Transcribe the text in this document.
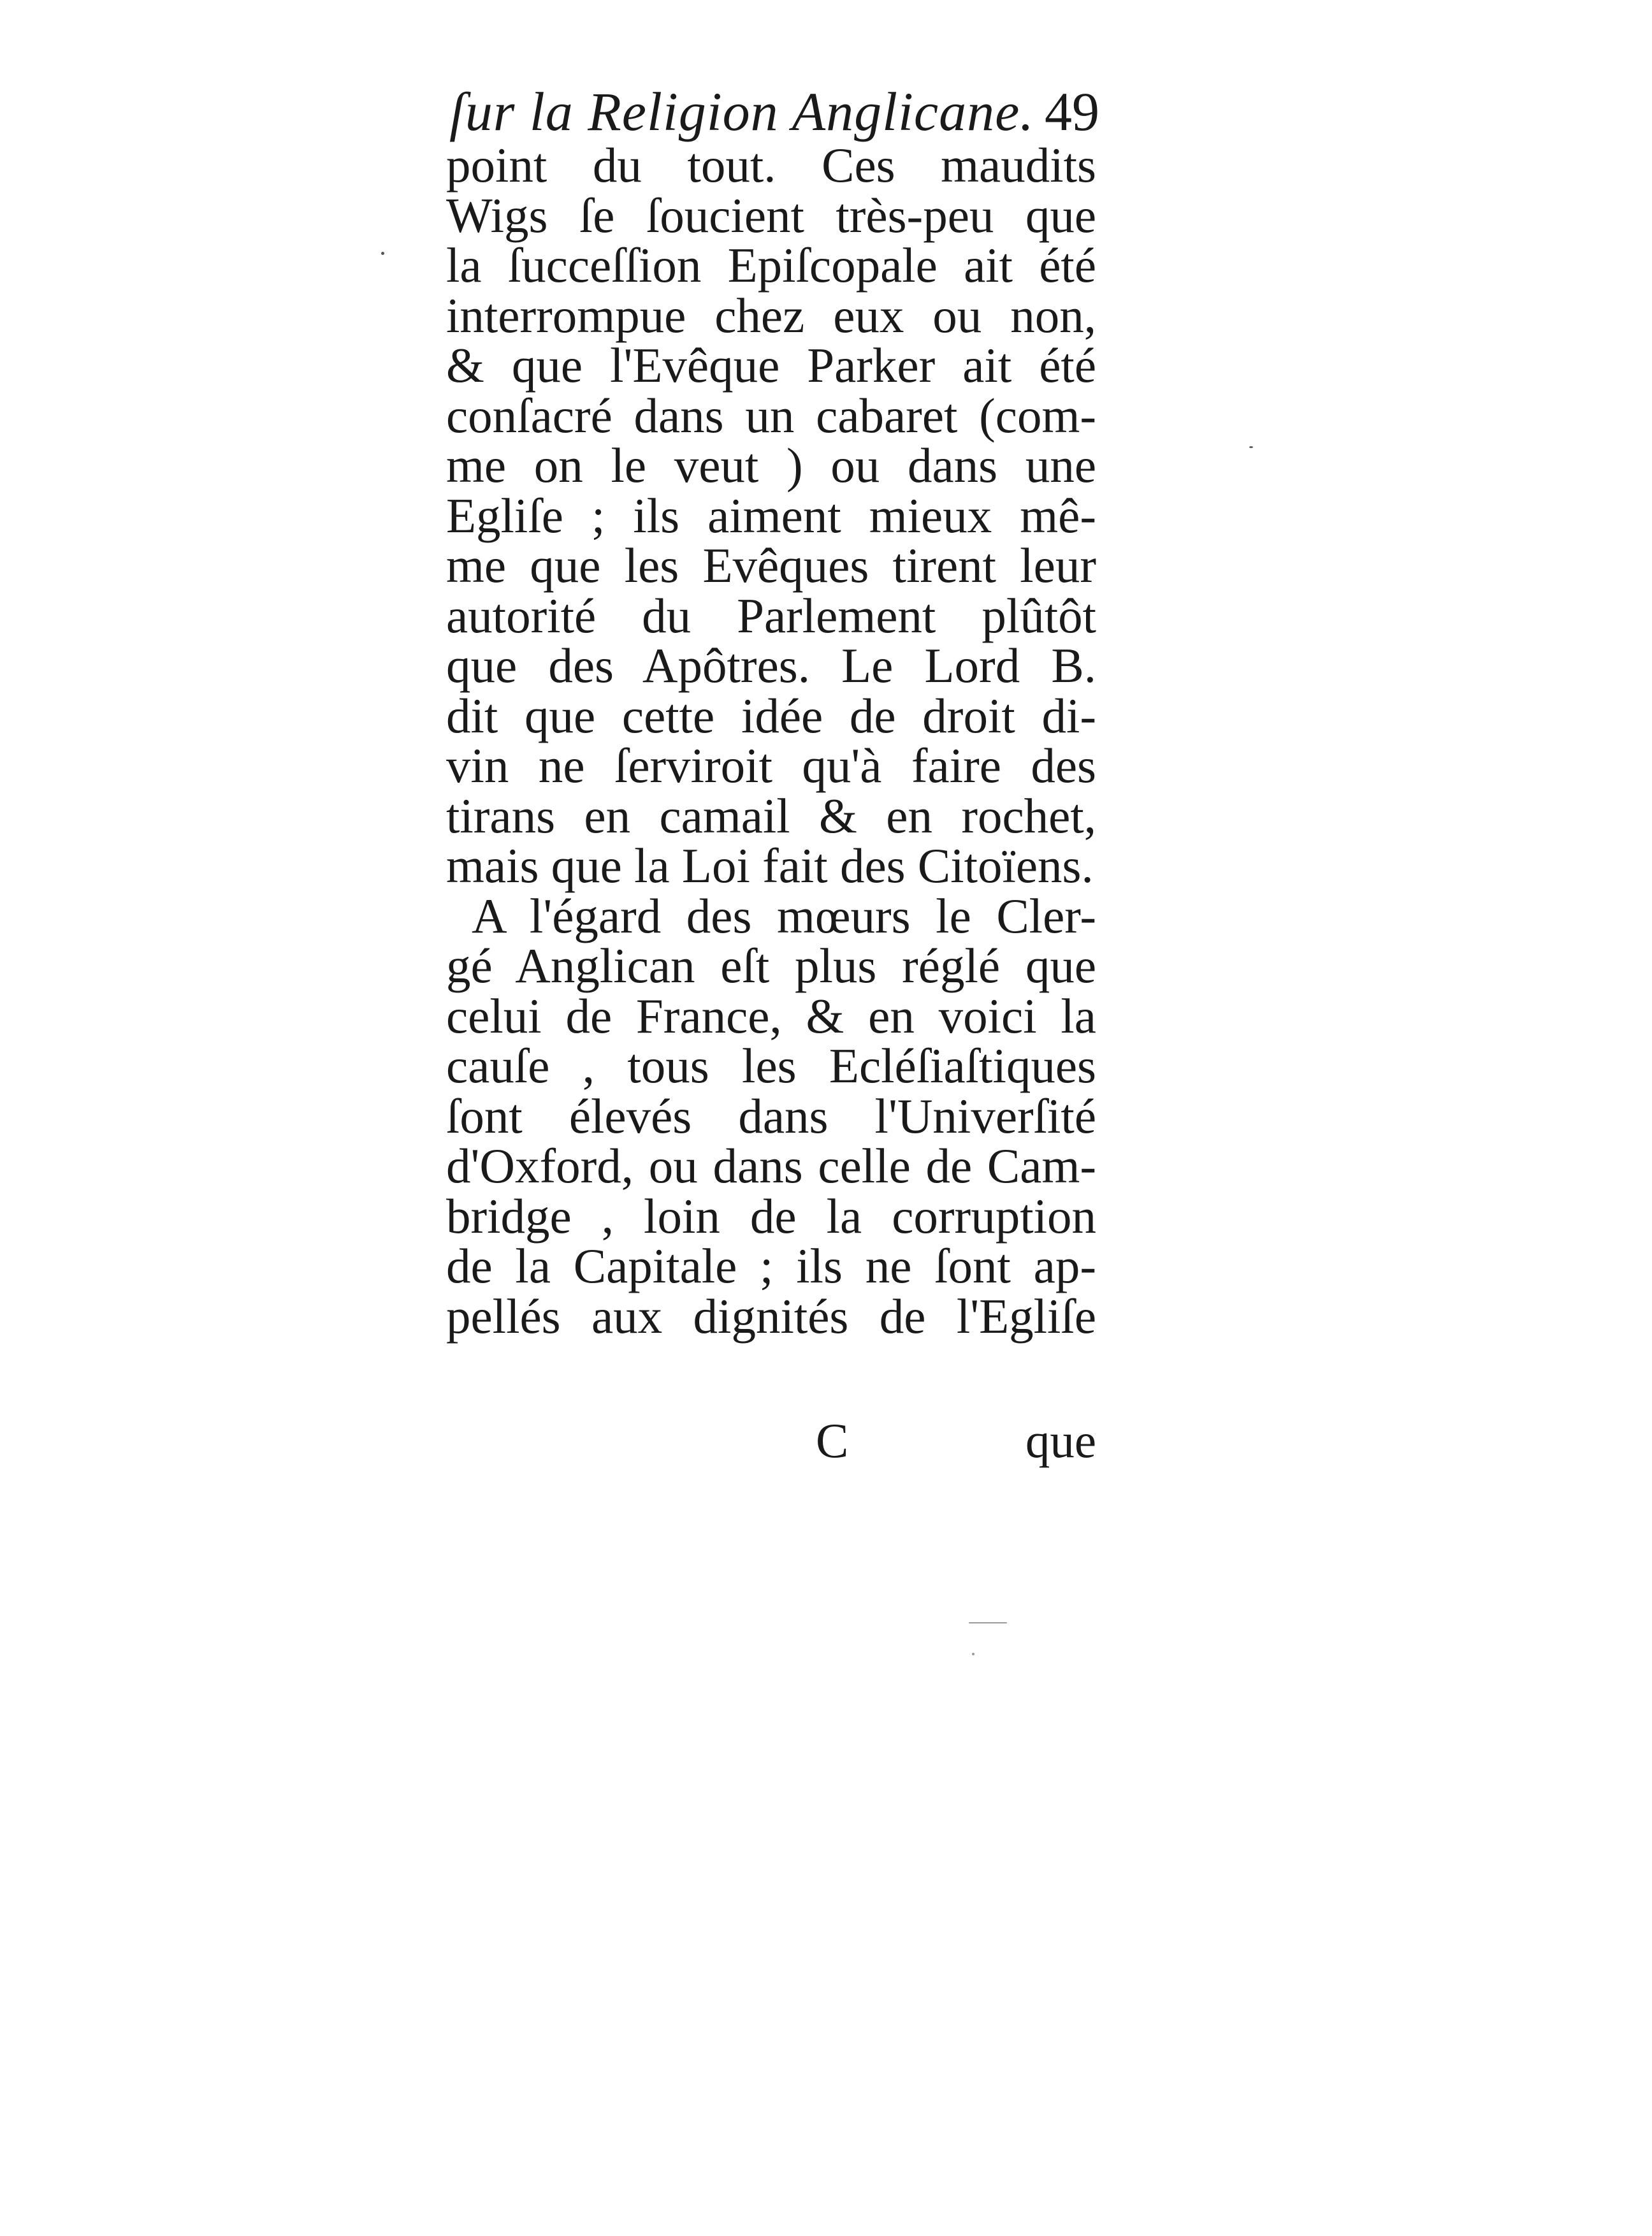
ſur la Religion Anglicane. 49
point du tout. Ces maudits
Wigs ſe ſoucient très-peu que
la ſucceſſion Epiſcopale ait été
interrompue chez eux ou non,
& que l'Evêque Parker ait été
conſacré dans un cabaret (com-
me on le veut ) ou dans une
Egliſe ; ils aiment mieux mê-
me que les Evêques tirent leur
autorité du Parlement plûtôt
que des Apôtres. Le Lord B.
dit que cette idée de droit di-
vin ne ſerviroit qu'à faire des
tirans en camail & en rochet,
mais que la Loi fait des Citoïens.
A l'égard des mœurs le Cler-
gé Anglican eſt plus réglé que
celui de France, & en voici la
cauſe , tous les Ecléſiaſtiques
ſont élevés dans l'Univerſité
d'Oxford, ou dans celle de Cam-
bridge , loin de la corruption
de la Capitale ; ils ne ſont ap-
pellés aux dignités de l'Egliſe
C	que
